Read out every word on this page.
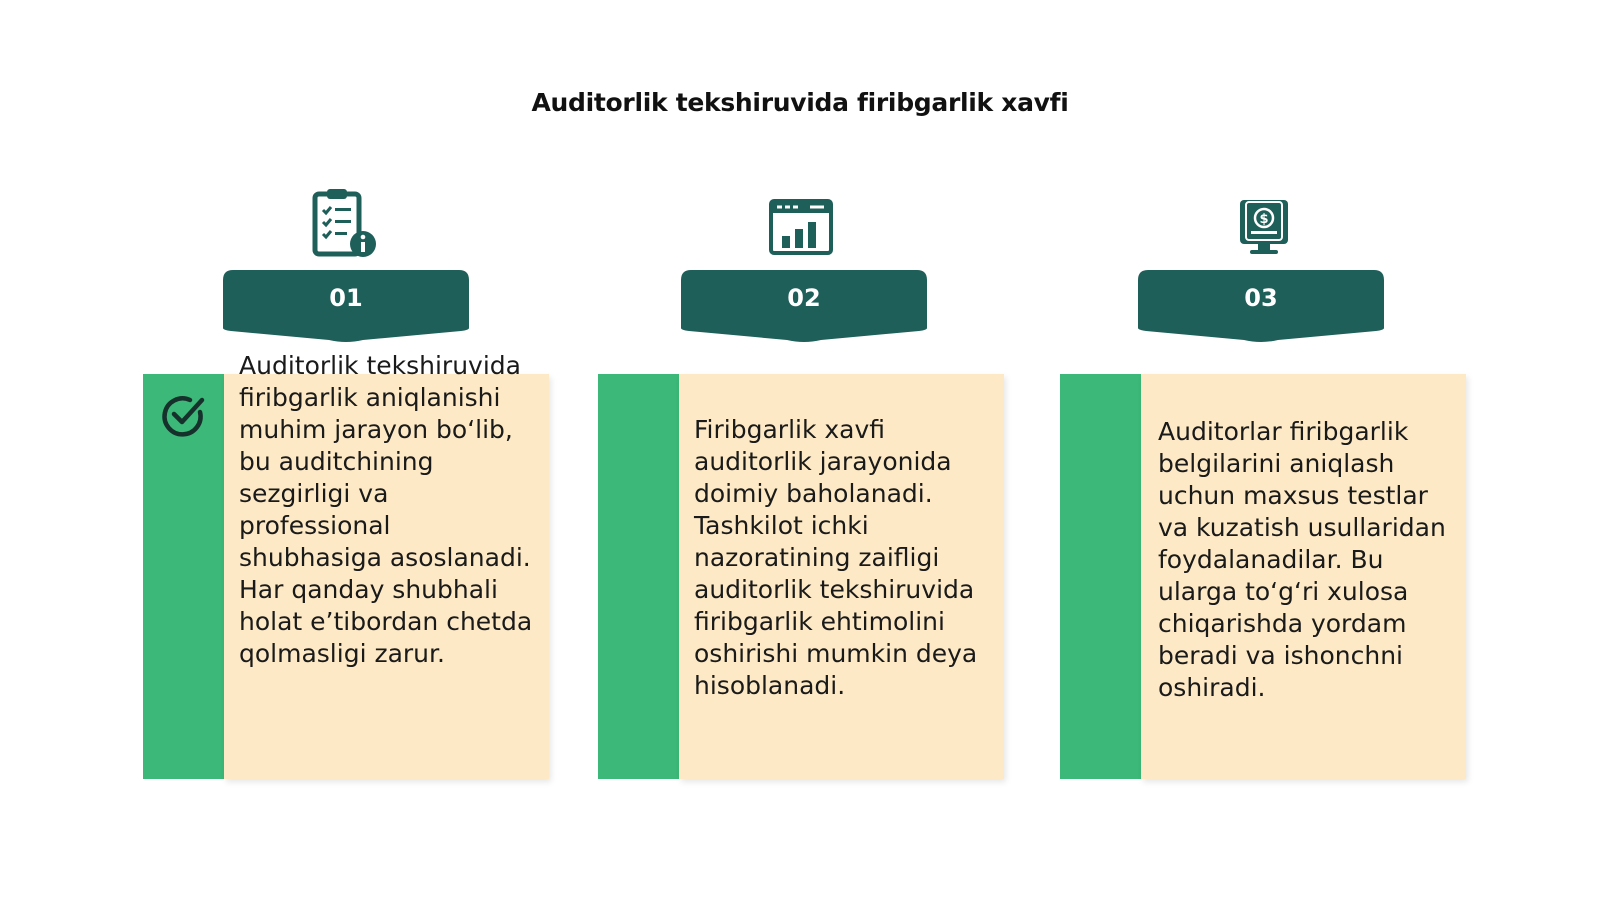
Auditorlik tekshiruvida firibgarlik xavfi
01
Auditorlik tekshiruvida firibgarlik aniqlanishi muhim jarayon bo‘lib, bu auditchining sezgirligi va professional shubhasiga asoslanadi. Har qanday shubhali holat e’tibordan chetda qolmasligi zarur.
02
Firibgarlik xavfi auditorlik jarayonida doimiy baholanadi. Tashkilot ichki nazoratining zaifligi auditorlik tekshiruvida firibgarlik ehtimolini oshirishi mumkin deya hisoblanadi.
$
03
Auditorlar firibgarlik belgilarini aniqlash uchun maxsus testlar va kuzatish usullaridan foydalanadilar. Bu ularga to‘g‘ri xulosa chiqarishda yordam beradi va ishonchni oshiradi.
